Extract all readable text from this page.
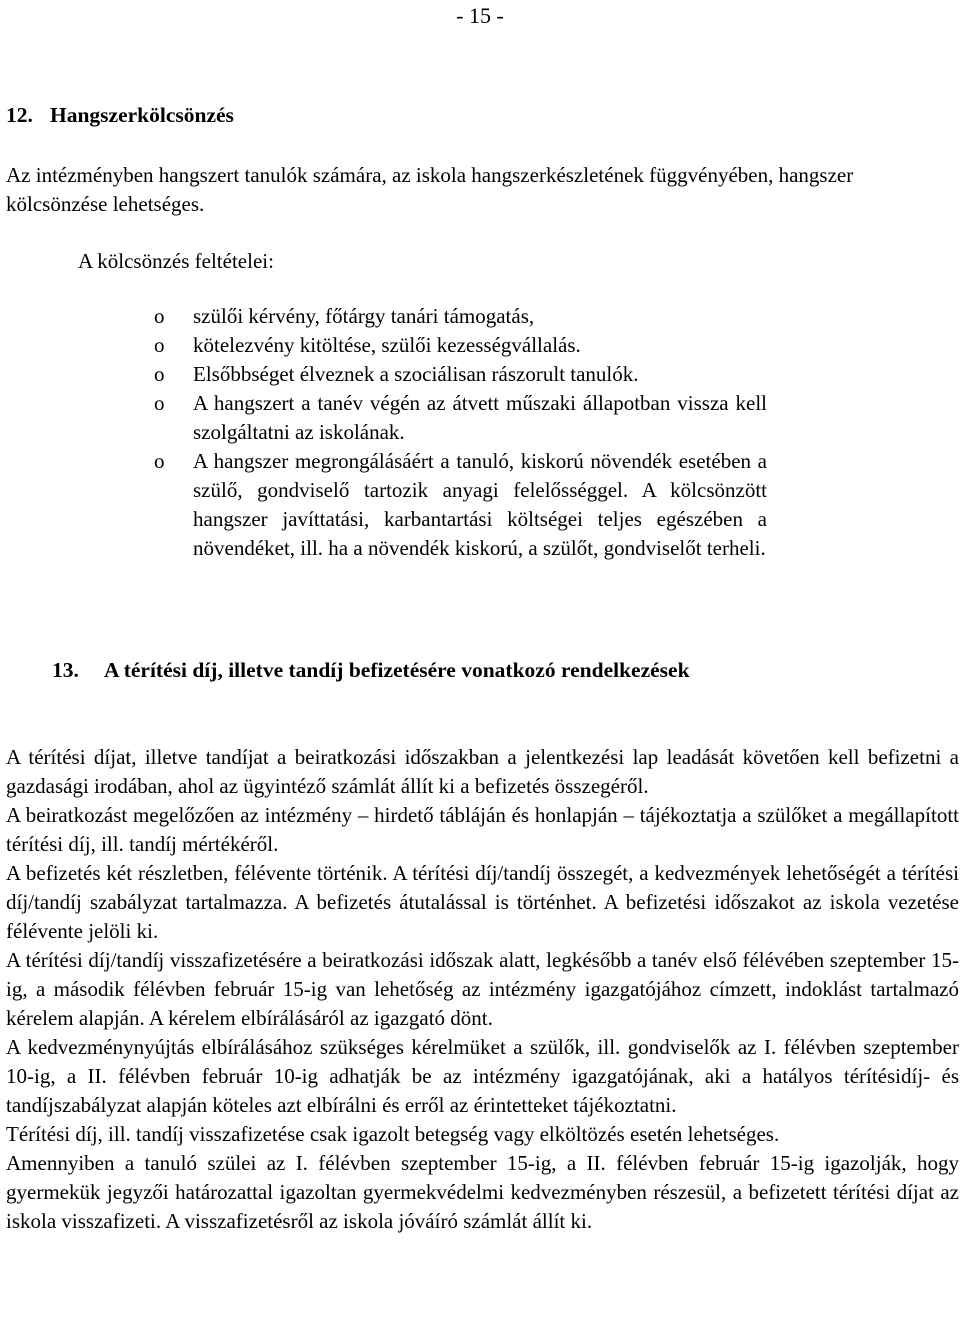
- 15 -
12. Hangszerkölcsönzés
Az intézményben hangszert tanulók számára, az iskola hangszerkészletének függvényében, hangszer kölcsönzése lehetséges.
A kölcsönzés feltételei:
o szülői kérvény, főtárgy tanári támogatás,
o kötelezvény kitöltése, szülői kezességvállalás.
o Elsőbbséget élveznek a szociálisan rászorult tanulók.
o A hangszert a tanév végén az átvett műszaki állapotban vissza kell szolgáltatni az iskolának.
o A hangszer megrongálásáért a tanuló, kiskorú növendék esetében a szülő, gondviselő tartozik anyagi felelősséggel. A kölcsönzött hangszer javíttatási, karbantartási költségei teljes egészében a növendéket, ill. ha a növendék kiskorú, a szülőt, gondviselőt terheli.
13. A térítési díj, illetve tandíj befizetésére vonatkozó rendelkezések

A térítési díjat, illetve tandíjat a beiratkozási időszakban a jelentkezési lap leadását követően kell befizetni a gazdasági irodában, ahol az ügyintéző számlát állít ki a befizetés összegéről.

A beiratkozást megelőzően az intézmény – hirdető tábláján és honlapján – tájékoztatja a szülőket a megállapított térítési díj, ill. tandíj mértékéről.

A befizetés két részletben, félévente történik. A térítési díj/tandíj összegét, a kedvezmények lehetőségét a térítési díj/tandíj szabályzat tartalmazza. A befizetés átutalással is történhet. A befizetési időszakot az iskola vezetése félévente jelöli ki.

A térítési díj/tandíj visszafizetésére a beiratkozási időszak alatt, legkésőbb a tanév első félévében szeptember 15-ig, a második félévben február 15-ig van lehetőség az intézmény igazgatójához címzett, indoklást tartalmazó kérelem alapján. A kérelem elbírálásáról az igazgató dönt.

A kedvezménynyújtás elbírálásához szükséges kérelmüket a szülők, ill. gondviselők az I. félévben szeptember 10-ig, a II. félévben február 10-ig adhatják be az intézmény igazgatójának, aki a hatályos térítésidíj- és tandíjszabályzat alapján köteles azt elbírálni és erről az érintetteket tájékoztatni.

Térítési díj, ill. tandíj visszafizetése csak igazolt betegség vagy elköltözés esetén lehetséges.

Amennyiben a tanuló szülei az I. félévben szeptember 15-ig, a II. félévben február 15-ig igazolják, hogy gyermekük jegyzői határozattal igazoltan gyermekvédelmi kedvezményben részesül, a befizetett térítési díjat az iskola visszafizeti. A visszafizetésről az iskola jóváíró számlát állít ki.
